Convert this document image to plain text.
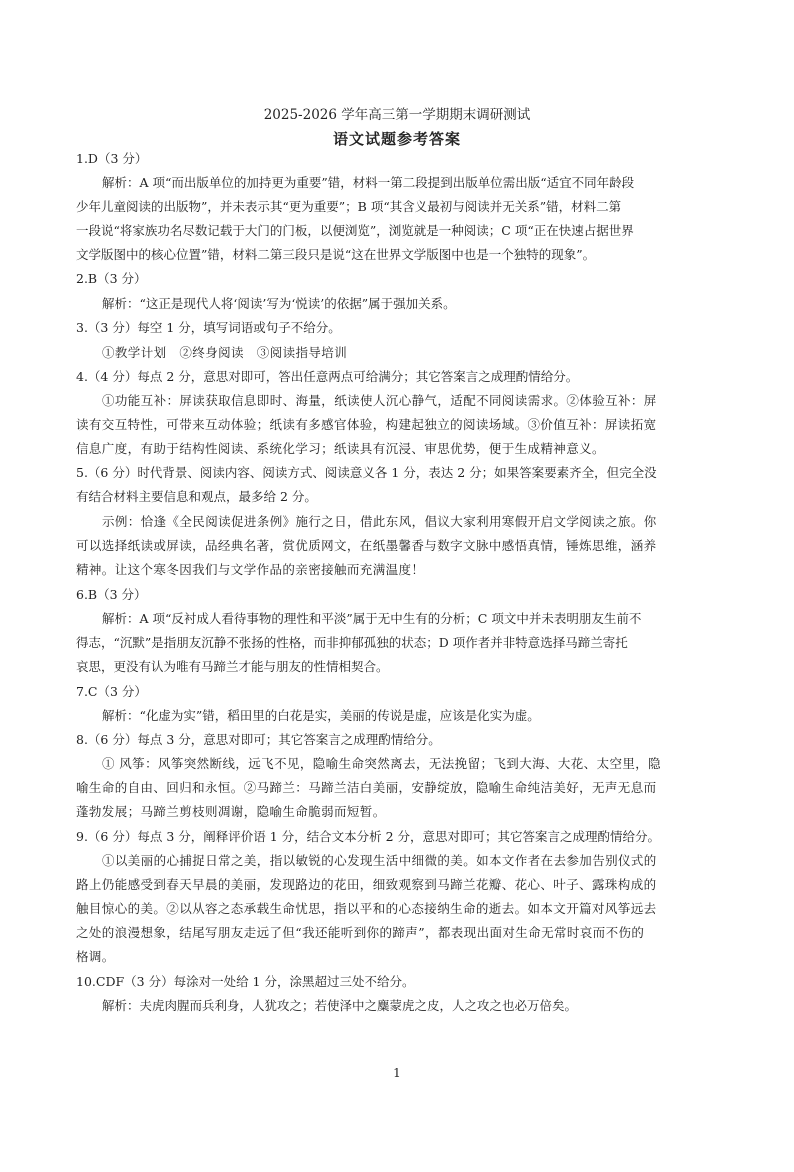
2025-2026 学年高三第一学期期末调研测试
语文试题参考答案
1.D（3 分）
解析：A 项“而出版单位的加持更为重要”错，材料一第二段提到出版单位需出版“适宜不同年龄段
少年儿童阅读的出版物”，并未表示其“更为重要”；B 项“其含义最初与阅读并无关系”错，材料二第
一段说“将家族功名尽数记载于大门的门板，以便浏览”，浏览就是一种阅读；C 项“正在快速占据世界
文学版图中的核心位置”错，材料二第三段只是说“这在世界文学版图中也是一个独特的现象”。
2.B（3 分）
解析：“这正是现代人将‘阅读’写为‘悦读’的依据”属于强加关系。
3.（3 分）每空 1 分，填写词语或句子不给分。
①教学计划　②终身阅读　③阅读指导培训
4.（4 分）每点 2 分，意思对即可，答出任意两点可给满分；其它答案言之成理酌情给分。
①功能互补：屏读获取信息即时、海量，纸读使人沉心静气，适配不同阅读需求。②体验互补：屏
读有交互特性，可带来互动体验；纸读有多感官体验，构建起独立的阅读场域。③价值互补：屏读拓宽
信息广度，有助于结构性阅读、系统化学习；纸读具有沉浸、审思优势，便于生成精神意义。
5.（6 分）时代背景、阅读内容、阅读方式、阅读意义各 1 分，表达 2 分；如果答案要素齐全，但完全没
有结合材料主要信息和观点，最多给 2 分。
示例：恰逢《全民阅读促进条例》施行之日，借此东风，倡议大家利用寒假开启文学阅读之旅。你
可以选择纸读或屏读，品经典名著，赏优质网文，在纸墨馨香与数字文脉中感悟真情，锤炼思维，涵养
精神。让这个寒冬因我们与文学作品的亲密接触而充满温度！
6.B（3 分）
解析：A 项“反衬成人看待事物的理性和平淡”属于无中生有的分析；C 项文中并未表明朋友生前不
得志，“沉默”是指朋友沉静不张扬的性格，而非抑郁孤独的状态；D 项作者并非特意选择马蹄兰寄托
哀思，更没有认为唯有马蹄兰才能与朋友的性情相契合。
7.C（3 分）
解析：“化虚为实”错，稻田里的白花是实，美丽的传说是虚，应该是化实为虚。
8.（6 分）每点 3 分，意思对即可；其它答案言之成理酌情给分。
① 风筝：风筝突然断线，远飞不见，隐喻生命突然离去，无法挽留；飞到大海、大花、太空里，隐
喻生命的自由、回归和永恒。②马蹄兰：马蹄兰洁白美丽，安静绽放，隐喻生命纯洁美好，无声无息而
蓬勃发展；马蹄兰剪枝则凋谢，隐喻生命脆弱而短暂。
9.（6 分）每点 3 分，阐释评价语 1 分，结合文本分析 2 分，意思对即可；其它答案言之成理酌情给分。
①以美丽的心捕捉日常之美，指以敏锐的心发现生活中细微的美。如本文作者在去参加告别仪式的
路上仍能感受到春天早晨的美丽，发现路边的花田，细致观察到马蹄兰花瓣、花心、叶子、露珠构成的
触目惊心的美。②以从容之态承载生命忧思，指以平和的心态接纳生命的逝去。如本文开篇对风筝远去
之处的浪漫想象，结尾写朋友走远了但“我还能听到你的蹄声”，都表现出面对生命无常时哀而不伤的
格调。
10.CDF（3 分）每涂对一处给 1 分，涂黑超过三处不给分。
解析：夫虎肉腥而兵利身，人犹攻之；若使泽中之麋蒙虎之皮，人之攻之也必万倍矣。
1
